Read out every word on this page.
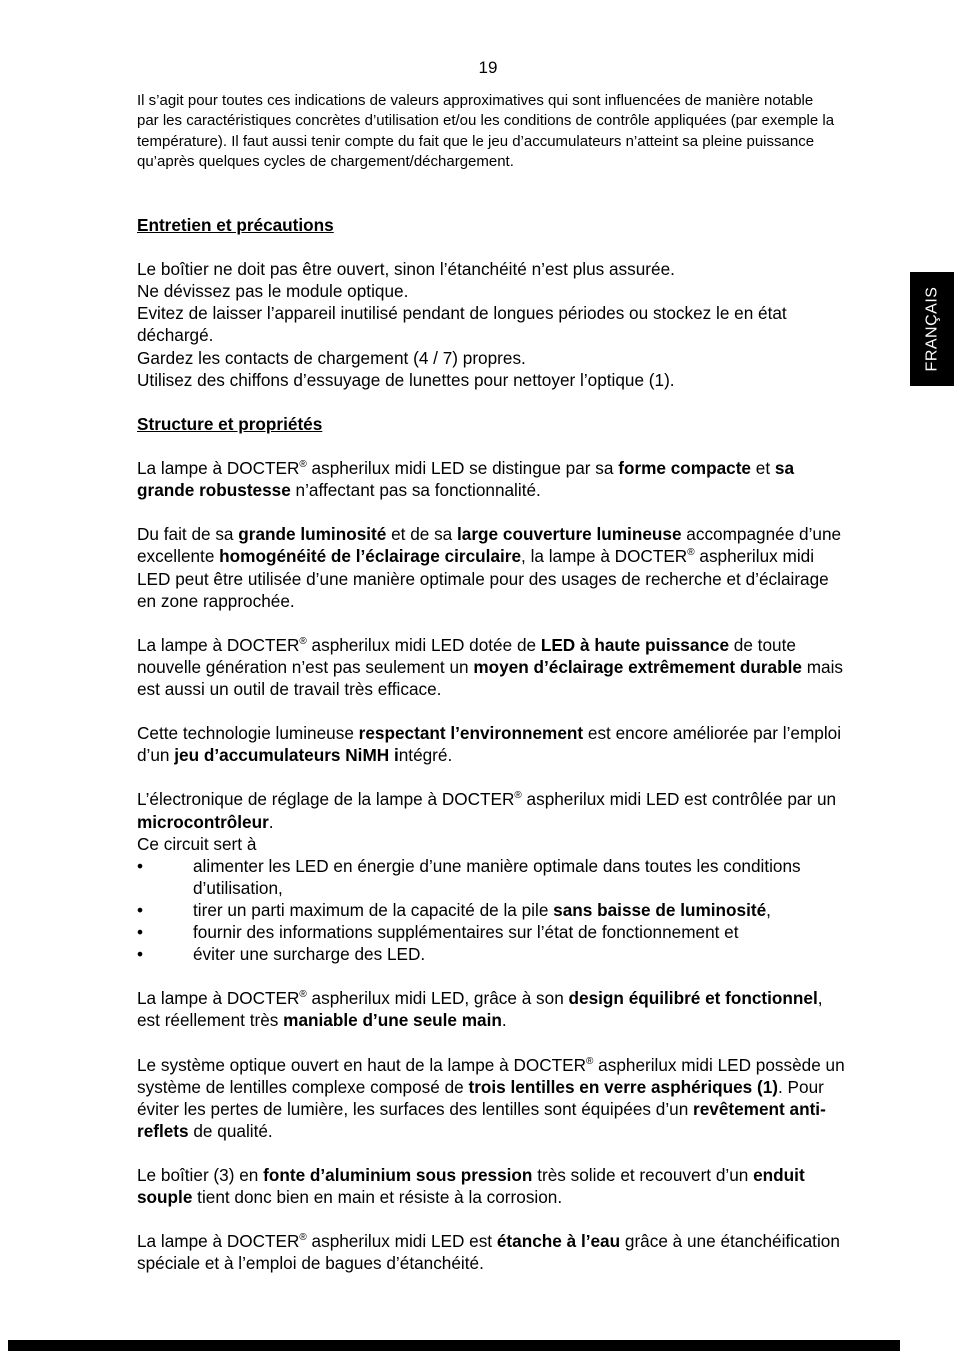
19
Il s’agit pour toutes ces indications de valeurs approximatives qui sont influencées de manière notable par les caractéristiques concrètes d’utilisation et/ou les conditions de contrôle appliquées (par exemple la température). Il faut aussi tenir compte du fait que le jeu d’accumulateurs n’atteint sa pleine puissance qu’après quelques cycles de chargement/déchargement.
FRANÇAIS
Entretien et précautions
Le boîtier ne doit pas être ouvert, sinon l’étanchéité n’est plus assurée.
Ne dévissez pas le module optique.
Evitez de laisser l’appareil inutilisé pendant de longues périodes ou stockez le en état déchargé.
Gardez les contacts de chargement (4 / 7) propres.
Utilisez des chiffons d’essuyage de lunettes pour nettoyer l’optique (1).
Structure et propriétés

La lampe à DOCTER® aspherilux midi LED se distingue par sa forme compacte et sa grande robustesse n’affectant pas sa fonctionnalité.

Du fait de sa grande luminosité et de sa large couverture lumineuse accompagnée d’une excellente homogénéité de l’éclairage circulaire, la lampe à DOCTER® aspherilux midi LED peut être utilisée d’une manière optimale pour des usages de recherche et d’éclairage en zone rapprochée.

La lampe à DOCTER® aspherilux midi LED dotée de LED à haute puissance de toute nouvelle génération n’est pas seulement un moyen d’éclairage extrêmement durable mais est aussi un outil de travail très efficace.

Cette technologie lumineuse respectant l’environnement est encore améliorée par l’emploi d’un jeu d’accumulateurs NiMH intégré.

L’électronique de réglage de la lampe à DOCTER® aspherilux midi LED est contrôlée par un microcontrôleur.
Ce circuit sert à

•	alimenter les LED en énergie d’une manière optimale dans toutes les conditions d’utilisation,
•	tirer un parti maximum de la capacité de la pile sans baisse de luminosité,
•	fournir des informations supplémentaires sur l’état de fonctionnement et
•	éviter une surcharge des LED.

La lampe à DOCTER® aspherilux midi LED, grâce à son design équilibré et fonctionnel, est réellement très maniable d’une seule main.

Le système optique ouvert en haut de la lampe à DOCTER® aspherilux midi LED possède un système de lentilles complexe composé de trois lentilles en verre asphériques (1). Pour éviter les pertes de lumière, les surfaces des lentilles sont équipées d’un revêtement anti-reflets de qualité.

Le boîtier (3) en fonte d’aluminium sous pression très solide et recouvert d’un enduit souple tient donc bien en main et résiste à la corrosion.

La lampe à DOCTER® aspherilux midi LED est étanche à l’eau grâce à une étanchéification spéciale et à l’emploi de bagues d’étanchéité.
